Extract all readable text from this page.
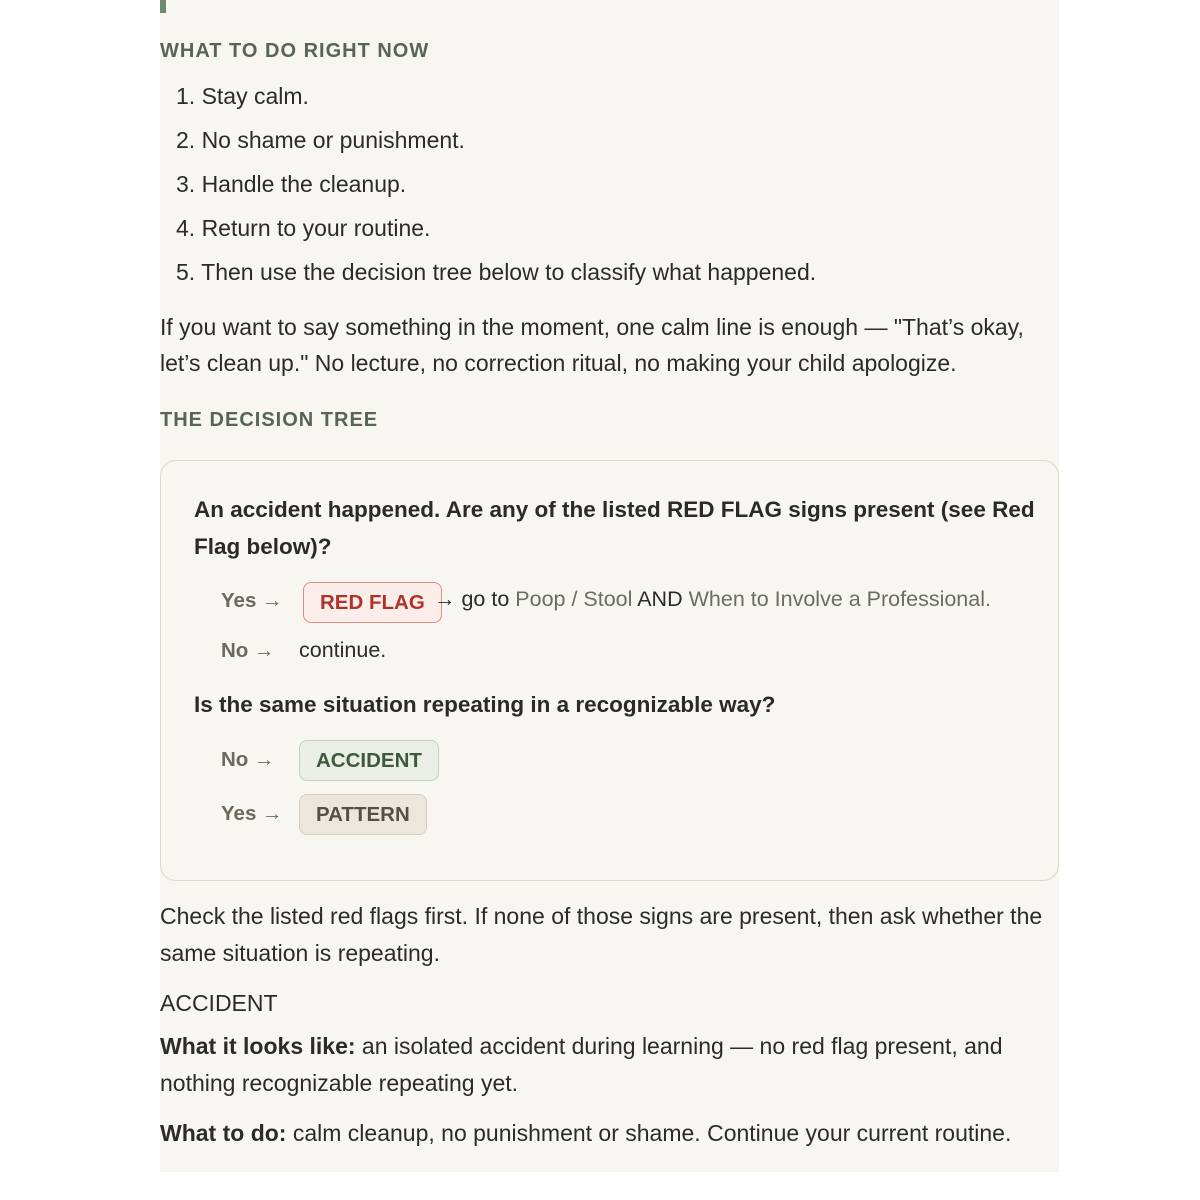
WHAT TO DO RIGHT NOW
1. Stay calm.
2. No shame or punishment.
3. Handle the cleanup.
4. Return to your routine.
5. Then use the decision tree below to classify what happened.

If you want to say something in the moment, one calm line is enough — "That’s okay, let’s clean up." No lecture, no correction ritual, no making your child apologize.

THE DECISION TREE

An accident happened. Are any of the listed RED FLAG signs present (see Red Flag below)?

Yes →	RED FLAG → go to Poop / Stool AND When to Involve a Professional.
No → continue.

Is the same situation repeating in a recognizable way?

No →	ACCIDENT
Yes →	PATTERN

Check the listed red flags first. If none of those signs are present, then ask whether the same situation is repeating.

ACCIDENT

What it looks like: an isolated accident during learning — no red flag present, and nothing recognizable repeating yet.

What to do: calm cleanup, no punishment or shame. Continue your current routine.
